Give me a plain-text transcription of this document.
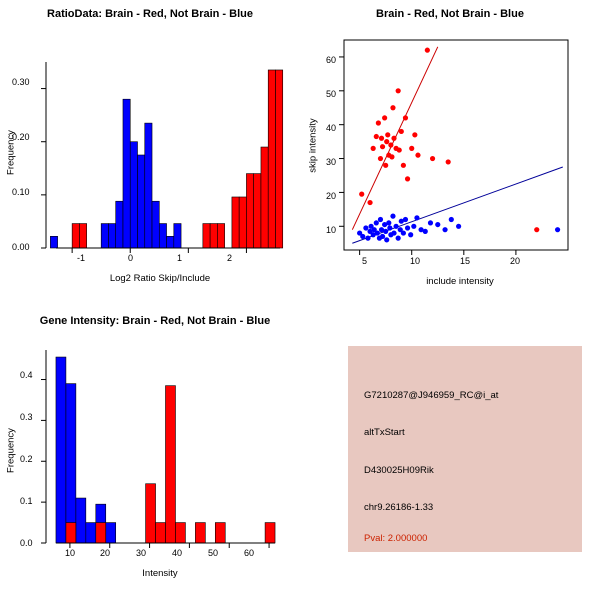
RatioData: Brain - Red, Not Brain - Blue
0.00
0.10
0.20
0.30
-1	0	1	2
Log2 Ratio Skip/Include
Frequency
Brain - Red, Not Brain - Blue
10
20
30
40
50
60
5	10	15	20
include intensity
skip intensity
Gene Intensity: Brain - Red, Not Brain - Blue
0.0
0.1
0.2
0.3
0.4
10	20	30	40	50	60
Intensity
Frequency
G7210287@J946959_RC@i_at
altTxStart
D430025H09Rik
chr9.26186-1.33
Pval: 2.000000
